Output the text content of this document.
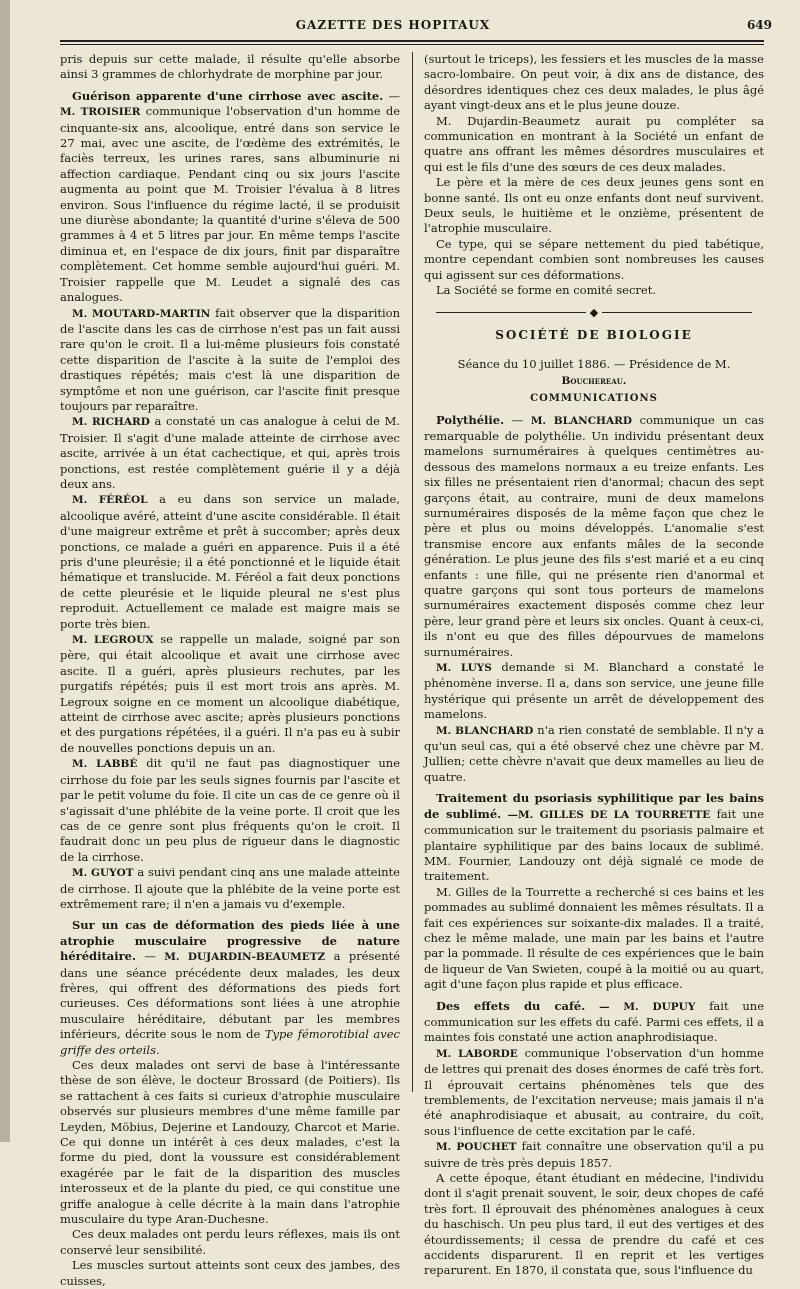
GAZETTE DES HOPITAUX	649

pris depuis sur cette malade, il résulte qu'elle absorbe ainsi 3 grammes de chlorhydrate de morphine par jour.

Guérison apparente d'une cirrhose avec ascite. — M. TROISIER communique l'observation d'un homme de cinquante-six ans, alcoolique, entré dans son service le 27 mai, avec une ascite, de l'œdème des extrémités, le faciès terreux, les urines rares, sans albuminurie ni affection cardiaque. Pendant cinq ou six jours l'ascite augmenta au point que M. Troisier l'évalua à 8 litres environ. Sous l'influence du régime lacté, il se produisit une diurèse abondante; la quantité d'urine s'éleva de 500 grammes à 4 et 5 litres par jour. En même temps l'ascite diminua et, en l'espace de dix jours, finit par disparaître complètement. Cet homme semble aujourd'hui guéri. M. Troisier rappelle que M. Leudet a signalé des cas analogues.

M. MOUTARD-MARTIN fait observer que la disparition de l'ascite dans les cas de cirrhose n'est pas un fait aussi rare qu'on le croit. Il a lui-même plusieurs fois constaté cette disparition de l'ascite à la suite de l'emploi des drastiques répétés; mais c'est là une disparition de symptôme et non une guérison, car l'ascite finit presque toujours par reparaître.

M. RICHARD a constaté un cas analogue à celui de M. Troisier. Il s'agit d'une malade atteinte de cirrhose avec ascite, arrivée à un état cachectique, et qui, après trois ponctions, est restée complètement guérie il y a déjà deux ans.

M. FÉRÉOL a eu dans son service un malade, alcoolique avéré, atteint d'une ascite considérable. Il était d'une maigreur extrême et prêt à succomber; après deux ponctions, ce malade a guéri en apparence. Puis il a été pris d'une pleurésie; il a été ponctionné et le liquide était hématique et translucide. M. Féréol a fait deux ponctions de cette pleurésie et le liquide pleural ne s'est plus reproduit. Actuellement ce malade est maigre mais se porte très bien.

M. LEGROUX se rappelle un malade, soigné par son père, qui était alcoolique et avait une cirrhose avec ascite. Il a guéri, après plusieurs rechutes, par les purgatifs répétés; puis il est mort trois ans après. M. Legroux soigne en ce moment un alcoolique diabétique, atteint de cirrhose avec ascite; après plusieurs ponctions et des purgations répétées, il a guéri. Il n'a pas eu à subir de nouvelles ponctions depuis un an.

M. LABBÉ dit qu'il ne faut pas diagnostiquer une cirrhose du foie par les seuls signes fournis par l'ascite et par le petit volume du foie. Il cite un cas de ce genre où il s'agissait d'une phlébite de la veine porte. Il croit que les cas de ce genre sont plus fréquents qu'on le croit. Il faudrait donc un peu plus de rigueur dans le diagnostic de la cirrhose.

M. GUYOT a suivi pendant cinq ans une malade atteinte de cirrhose. Il ajoute que la phlébite de la veine porte est extrêmement rare; il n'en a jamais vu d'exemple.

Sur un cas de déformation des pieds liée à une atrophie musculaire progressive de nature héréditaire. — M. DUJARDIN-BEAUMETZ a présenté dans une séance précédente deux malades, les deux frères, qui offrent des déformations des pieds fort curieuses. Ces déformations sont liées à une atrophie musculaire héréditaire, débutant par les membres inférieurs, décrite sous le nom de Type fémorotibial avec griffe des orteils.

Ces deux malades ont servi de base à l'intéressante thèse de son élève, le docteur Brossard (de Poitiers). Ils se rattachent à ces faits si curieux d'atrophie musculaire observés sur plusieurs membres d'une même famille par Leyden, Möbius, Dejerine et Landouzy, Charcot et Marie. Ce qui donne un intérêt à ces deux malades, c'est la forme du pied, dont la voussure est considérablement exagérée par le fait de la disparition des muscles interosseux et de la plante du pied, ce qui constitue une griffe analogue à celle décrite à la main dans l'atrophie musculaire du type Aran-Duchesne.

Ces deux malades ont perdu leurs réflexes, mais ils ont conservé leur sensibilité.

Les muscles surtout atteints sont ceux des jambes, des cuisses,

(surtout le triceps), les fessiers et les muscles de la masse sacro-lombaire. On peut voir, à dix ans de distance, des désordres identiques chez ces deux malades, le plus âgé ayant vingt-deux ans et le plus jeune douze.

M. Dujardin-Beaumetz aurait pu compléter sa communication en montrant à la Société un enfant de quatre ans offrant les mêmes désordres musculaires et qui est le fils d'une des sœurs de ces deux malades.

Le père et la mère de ces deux jeunes gens sont en bonne santé. Ils ont eu onze enfants dont neuf survivent. Deux seuls, le huitième et le onzième, présentent de l'atrophie musculaire.

Ce type, qui se sépare nettement du pied tabétique, montre cependant combien sont nombreuses les causes qui agissent sur ces déformations.

La Société se forme en comité secret.

◆
SOCIÉTÉ DE BIOLOGIE

Séance du 10 juillet 1886. — Présidence de M. Bouchereau.

COMMUNICATIONS

Polythélie. — M. BLANCHARD communique un cas remarquable de polythélie. Un individu présentant deux mamelons surnuméraires à quelques centimètres au-dessous des mamelons normaux a eu treize enfants. Les six filles ne présentaient rien d'anormal; chacun des sept garçons était, au contraire, muni de deux mamelons surnuméraires disposés de la même façon que chez le père et plus ou moins développés. L'anomalie s'est transmise encore aux enfants mâles de la seconde génération. Le plus jeune des fils s'est marié et a eu cinq enfants : une fille, qui ne présente rien d'anormal et quatre garçons qui sont tous porteurs de mamelons surnuméraires exactement disposés comme chez leur père, leur grand père et leurs six oncles. Quant à ceux-ci, ils n'ont eu que des filles dépourvues de mamelons surnuméraires.

M. LUYS demande si M. Blanchard a constaté le phénomène inverse. Il a, dans son service, une jeune fille hystérique qui présente un arrêt de développement des mamelons.

M. BLANCHARD n'a rien constaté de semblable. Il n'y a qu'un seul cas, qui a été observé chez une chèvre par M. Jullien; cette chèvre n'avait que deux mamelles au lieu de quatre.

Traitement du psoriasis syphilitique par les bains de sublimé. —M. GILLES DE LA TOURRETTE fait une communication sur le traitement du psoriasis palmaire et plantaire syphilitique par des bains locaux de sublimé. MM. Fournier, Landouzy ont déjà signalé ce mode de traitement.

M. Gilles de la Tourrette a recherché si ces bains et les pommades au sublimé donnaient les mêmes résultats. Il a fait ces expériences sur soixante-dix malades. Il a traité, chez le même malade, une main par les bains et l'autre par la pommade. Il résulte de ces expériences que le bain de liqueur de Van Swieten, coupé à la moitié ou au quart, agit d'une façon plus rapide et plus efficace.

Des effets du café. — M. DUPUY fait une communication sur les effets du café. Parmi ces effets, il a maintes fois constaté une action anaphrodisiaque.

M. LABORDE communique l'observation d'un homme de lettres qui prenait des doses énormes de café très fort. Il éprouvait certains phénomènes tels que des tremblements, de l'excitation nerveuse; mais jamais il n'a été anaphrodisiaque et abusait, au contraire, du coït, sous l'influence de cette excitation par le café.

M. POUCHET fait connaître une observation qu'il a pu suivre de très près depuis 1857.

A cette époque, étant étudiant en médecine, l'individu dont il s'agit prenait souvent, le soir, deux chopes de café très fort. Il éprouvait des phénomènes analogues à ceux du haschisch. Un peu plus tard, il eut des vertiges et des étourdissements; il cessa de prendre du café et ces accidents disparurent. Il en reprit et les vertiges reparurent. En 1870, il constata que, sous l'influence du
